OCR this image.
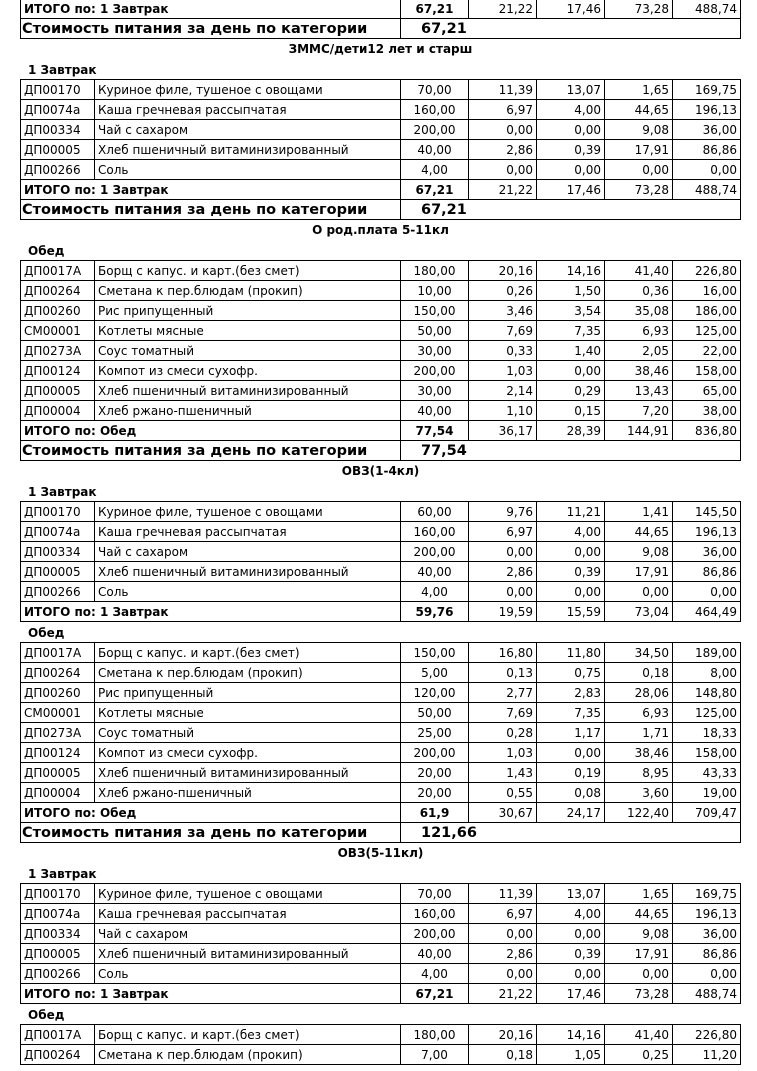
ИТОГО по: 1 Завтрак	67,21	21,22	17,46	73,28	488,74
Стоимость питания за день по категории	67,21				
ЗММС/дети12 лет и старш
1 Завтрак
ДП00170	Куриное филе, тушеное с овощами	70,00	11,39	13,07	1,65	169,75
ДП0074а	Каша гречневая рассыпчатая	160,00	6,97	4,00	44,65	196,13
ДП00334	Чай с сахаром	200,00	0,00	0,00	9,08	36,00
ДП00005	Хлеб пшеничный витаминизированный	40,00	2,86	0,39	17,91	86,86
ДП00266	Соль	4,00	0,00	0,00	0,00	0,00
ИТОГО по: 1 Завтрак		67,21	21,22	17,46	73,28	488,74
Стоимость питания за день по категории		67,21				
О род.плата 5-11кл
Обед
ДП0017А	Борщ с капус. и карт.(без смет)	180,00	20,16	14,16	41,40	226,80
ДП00264	Сметана к пер.блюдам (прокип)	10,00	0,26	1,50	0,36	16,00
ДП00260	Рис припущенный	150,00	3,46	3,54	35,08	186,00
СМ00001	Котлеты мясные	50,00	7,69	7,35	6,93	125,00
ДП0273А	Соус томатный	30,00	0,33	1,40	2,05	22,00
ДП00124	Компот из смеси сухофр.	200,00	1,03	0,00	38,46	158,00
ДП00005	Хлеб пшеничный витаминизированный	30,00	2,14	0,29	13,43	65,00
ДП00004	Хлеб ржано-пшеничный	40,00	1,10	0,15	7,20	38,00
ИТОГО по: Обед		77,54	36,17	28,39	144,91	836,80
Стоимость питания за день по категории		77,54				
ОВЗ(1-4кл)
1 Завтрак
ДП00170	Куриное филе, тушеное с овощами	60,00	9,76	11,21	1,41	145,50
ДП0074а	Каша гречневая рассыпчатая	160,00	6,97	4,00	44,65	196,13
ДП00334	Чай с сахаром	200,00	0,00	0,00	9,08	36,00
ДП00005	Хлеб пшеничный витаминизированный	40,00	2,86	0,39	17,91	86,86
ДП00266	Соль	4,00	0,00	0,00	0,00	0,00
ИТОГО по: 1 Завтрак		59,76	19,59	15,59	73,04	464,49
Обед
ДП0017А	Борщ с капус. и карт.(без смет)	150,00	16,80	11,80	34,50	189,00
ДП00264	Сметана к пер.блюдам (прокип)	5,00	0,13	0,75	0,18	8,00
ДП00260	Рис припущенный	120,00	2,77	2,83	28,06	148,80
СМ00001	Котлеты мясные	50,00	7,69	7,35	6,93	125,00
ДП0273А	Соус томатный	25,00	0,28	1,17	1,71	18,33
ДП00124	Компот из смеси сухофр.	200,00	1,03	0,00	38,46	158,00
ДП00005	Хлеб пшеничный витаминизированный	20,00	1,43	0,19	8,95	43,33
ДП00004	Хлеб ржано-пшеничный	20,00	0,55	0,08	3,60	19,00
ИТОГО по: Обед		61,9	30,67	24,17	122,40	709,47
Стоимость питания за день по категории		121,66				
ОВЗ(5-11кл)
1 Завтрак
ДП00170	Куриное филе, тушеное с овощами	70,00	11,39	13,07	1,65	169,75
ДП0074а	Каша гречневая рассыпчатая	160,00	6,97	4,00	44,65	196,13
ДП00334	Чай с сахаром	200,00	0,00	0,00	9,08	36,00
ДП00005	Хлеб пшеничный витаминизированный	40,00	2,86	0,39	17,91	86,86
ДП00266	Соль	4,00	0,00	0,00	0,00	0,00
ИТОГО по: 1 Завтрак		67,21	21,22	17,46	73,28	488,74
Обед
ДП0017А	Борщ с капус. и карт.(без смет)	180,00	20,16	14,16	41,40	226,80
ДП00264	Сметана к пер.блюдам (прокип)	7,00	0,18	1,05	0,25	11,20
